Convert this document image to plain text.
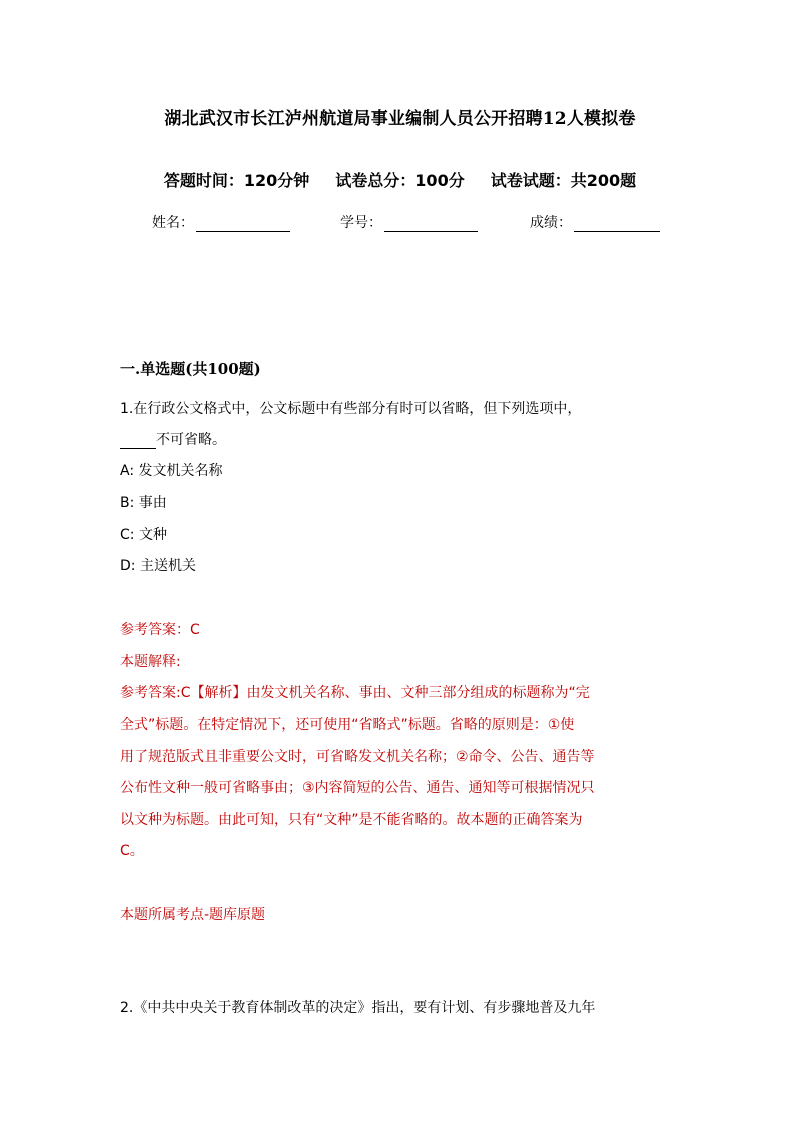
湖北武汉市长江泸州航道局事业编制人员公开招聘12人模拟卷
答题时间：120分钟 试卷总分：100分 试卷试题：共200题
姓名：	学号：	成绩：
一.单选题(共100题)
1.在行政公文格式中，公文标题中有些部分有时可以省略，但下列选项中，
不可省略。
A: 发文机关名称
B: 事由
C: 文种
D: 主送机关
参考答案：C
本题解释:
参考答案:C【解析】由发文机关名称、事由、文种三部分组成的标题称为“完
全式”标题。在特定情况下，还可使用“省略式”标题。省略的原则是：①使
用了规范版式且非重要公文时，可省略发文机关名称；②命令、公告、通告等
公布性文种一般可省略事由；③内容简短的公告、通告、通知等可根据情况只
以文种为标题。由此可知，只有“文种”是不能省略的。故本题的正确答案为
C。
本题所属考点-题库原题
2.《中共中央关于教育体制改革的决定》指出，要有计划、有步骤地普及九年
